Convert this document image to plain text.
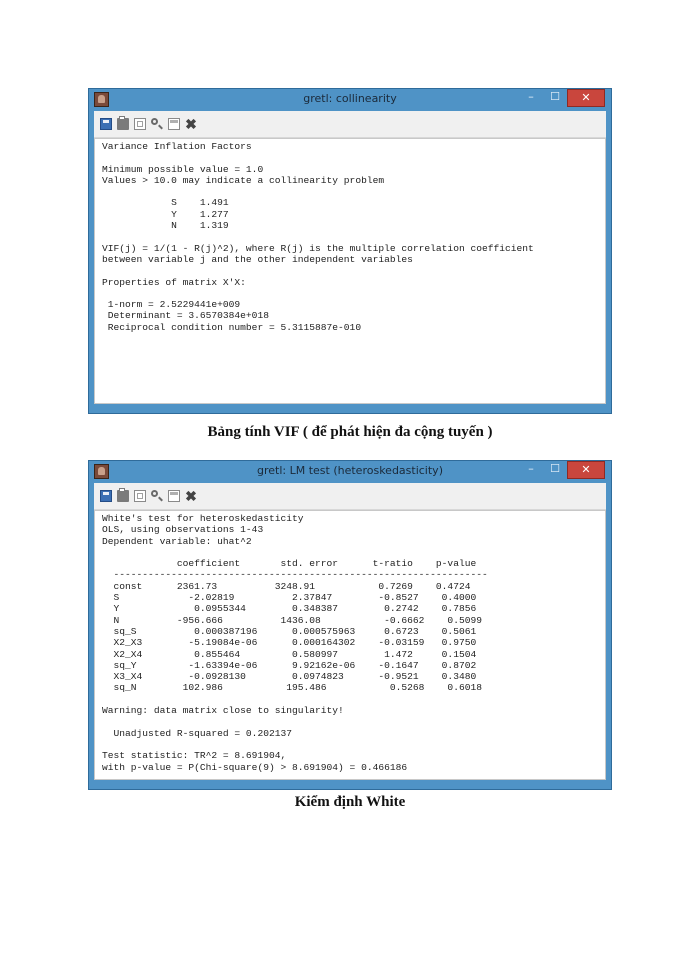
gretl: collinearity	–	☐	✕
✖
Variance Inflation Factors

Minimum possible value = 1.0
Values > 10.0 may indicate a collinearity problem

S    1.491
Y    1.277
N    1.319

VIF(j) = 1/(1 - R(j)^2), where R(j) is the multiple correlation coefficient
between variable j and the other independent variables

Properties of matrix X'X:

1-norm = 2.5229441e+009
Determinant = 3.6570384e+018
Reciprocal condition number = 5.3115887e-010
Bảng tính VIF ( để phát hiện đa cộng tuyến )
gretl: LM test (heteroskedasticity)	–	☐	✕
✖
White's test for heteroskedasticity
OLS, using observations 1-43
Dependent variable: uhat^2

coefficient       std. error      t-ratio    p-value
-----------------------------------------------------------------
const      2361.73          3248.91           0.7269    0.4724
S            -2.02819          2.37847        -0.8527    0.4000
Y             0.0955344        0.348387        0.2742    0.7856
N          -956.666          1436.08           -0.6662    0.5099
sq_S          0.000387196      0.000575963     0.6723    0.5061
X2_X3        -5.19084e-06      0.000164302    -0.03159   0.9750
X2_X4         0.855464         0.580997        1.472     0.1504
sq_Y         -1.63394e-06      9.92162e-06    -0.1647    0.8702
X3_X4        -0.0928130        0.0974823      -0.9521    0.3480
sq_N        102.986           195.486           0.5268    0.6018

Warning: data matrix close to singularity!

Unadjusted R-squared = 0.202137

Test statistic: TR^2 = 8.691904,
with p-value = P(Chi-square(9) > 8.691904) = 0.466186
Kiểm định White
